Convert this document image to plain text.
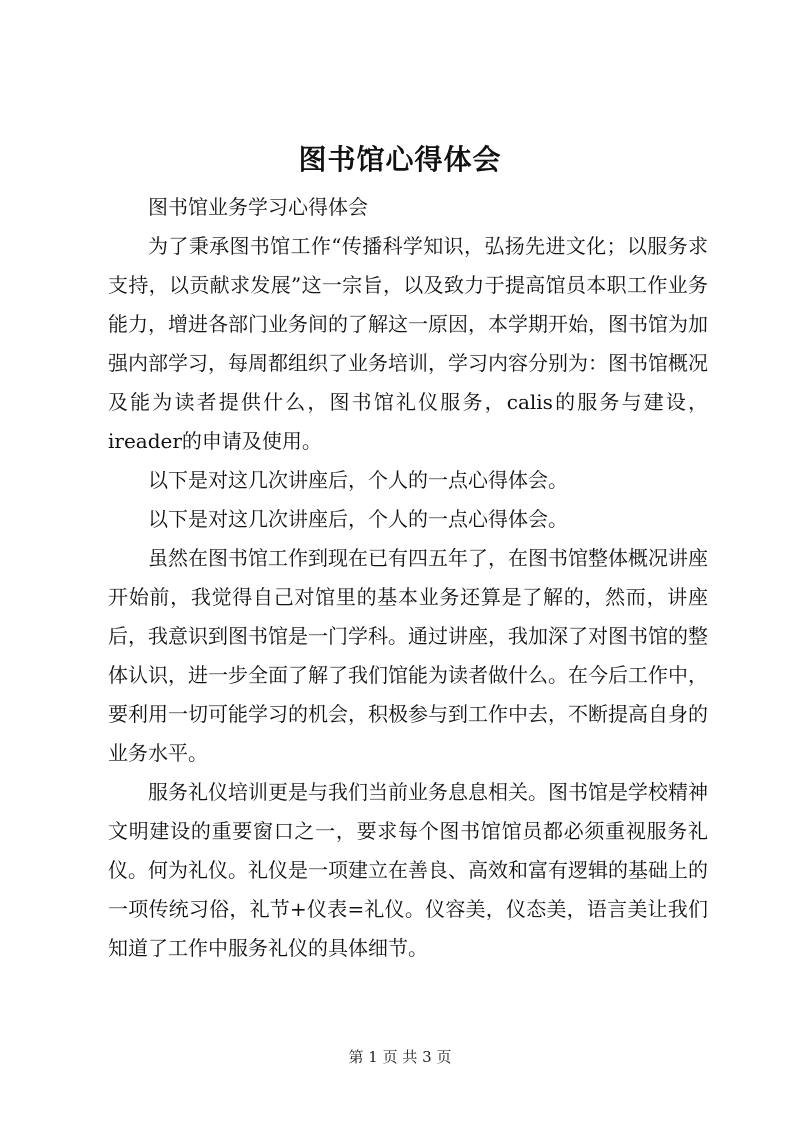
图书馆心得体会

图书馆业务学习心得体会

为了秉承图书馆工作“传播科学知识，弘扬先进文化；以服务求支持，以贡献求发展”这一宗旨，以及致力于提高馆员本职工作业务能力，增进各部门业务间的了解这一原因，本学期开始，图书馆为加强内部学习，每周都组织了业务培训，学习内容分别为：图书馆概况及能为读者提供什么，图书馆礼仪服务，calis的服务与建设，ireader的申请及使用。

以下是对这几次讲座后，个人的一点心得体会。

以下是对这几次讲座后，个人的一点心得体会。

虽然在图书馆工作到现在已有四五年了，在图书馆整体概况讲座开始前，我觉得自己对馆里的基本业务还算是了解的，然而，讲座后，我意识到图书馆是一门学科。通过讲座，我加深了对图书馆的整体认识，进一步全面了解了我们馆能为读者做什么。在今后工作中，要利用一切可能学习的机会，积极参与到工作中去，不断提高自身的业务水平。

服务礼仪培训更是与我们当前业务息息相关。图书馆是学校精神文明建设的重要窗口之一，要求每个图书馆馆员都必须重视服务礼仪。何为礼仪。礼仪是一项建立在善良、高效和富有逻辑的基础上的一项传统习俗，礼节+仪表=礼仪。仪容美，仪态美，语言美让我们知道了工作中服务礼仪的具体细节。

第 1 页 共 3 页
